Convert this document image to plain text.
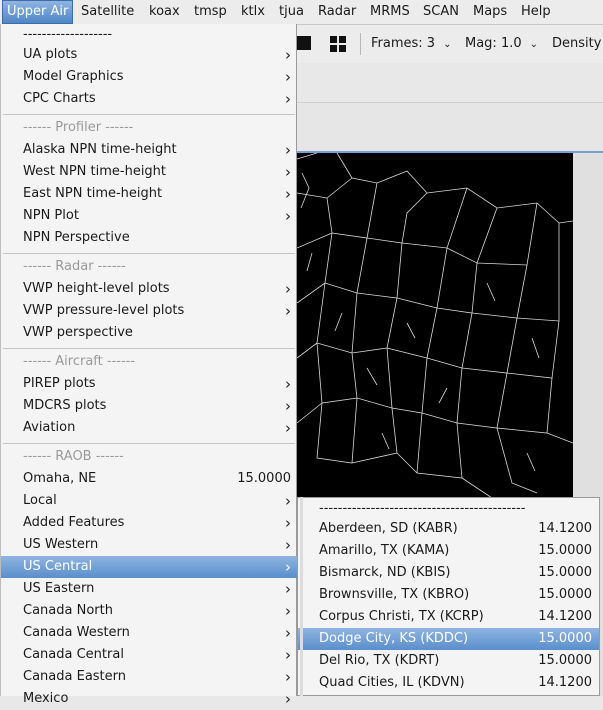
Upper Air Satellite	koax	tmsp	ktlx	tjua	Radar	MRMS	SCAN	Maps	Help
Frames: 3 ⌄ Mag: 1.0 ⌄ Density
-------------------
UA plots	›
Model Graphics	›
CPC Charts	›
------ Profiler ------
Alaska NPN time-height	›
West NPN time-height	›
East NPN time-height	›
NPN Plot	›
NPN Perspective
------ Radar ------
VWP height-level plots	›
VWP pressure-level plots	›
VWP perspective
------ Aircraft ------
PIREP plots	›
MDCRS plots	›
Aviation	›
------ RAOB ------
Omaha, NE	15.0000
Local	›
Added Features	›
US Western	›
US Central	›
US Eastern	›
Canada North	›
Canada Western	›
Canada Central	›
Canada Eastern	›
Mexico	›
--------------------------------------------
Aberdeen, SD (KABR)	14.1200
Amarillo, TX (KAMA)	15.0000
Bismarck, ND (KBIS)	15.0000
Brownsville, TX (KBRO)	15.0000
Corpus Christi, TX (KCRP)	14.1200
Dodge City, KS (KDDC)	15.0000
Del Rio, TX (KDRT)	15.0000
Quad Cities, IL (KDVN)	14.1200
